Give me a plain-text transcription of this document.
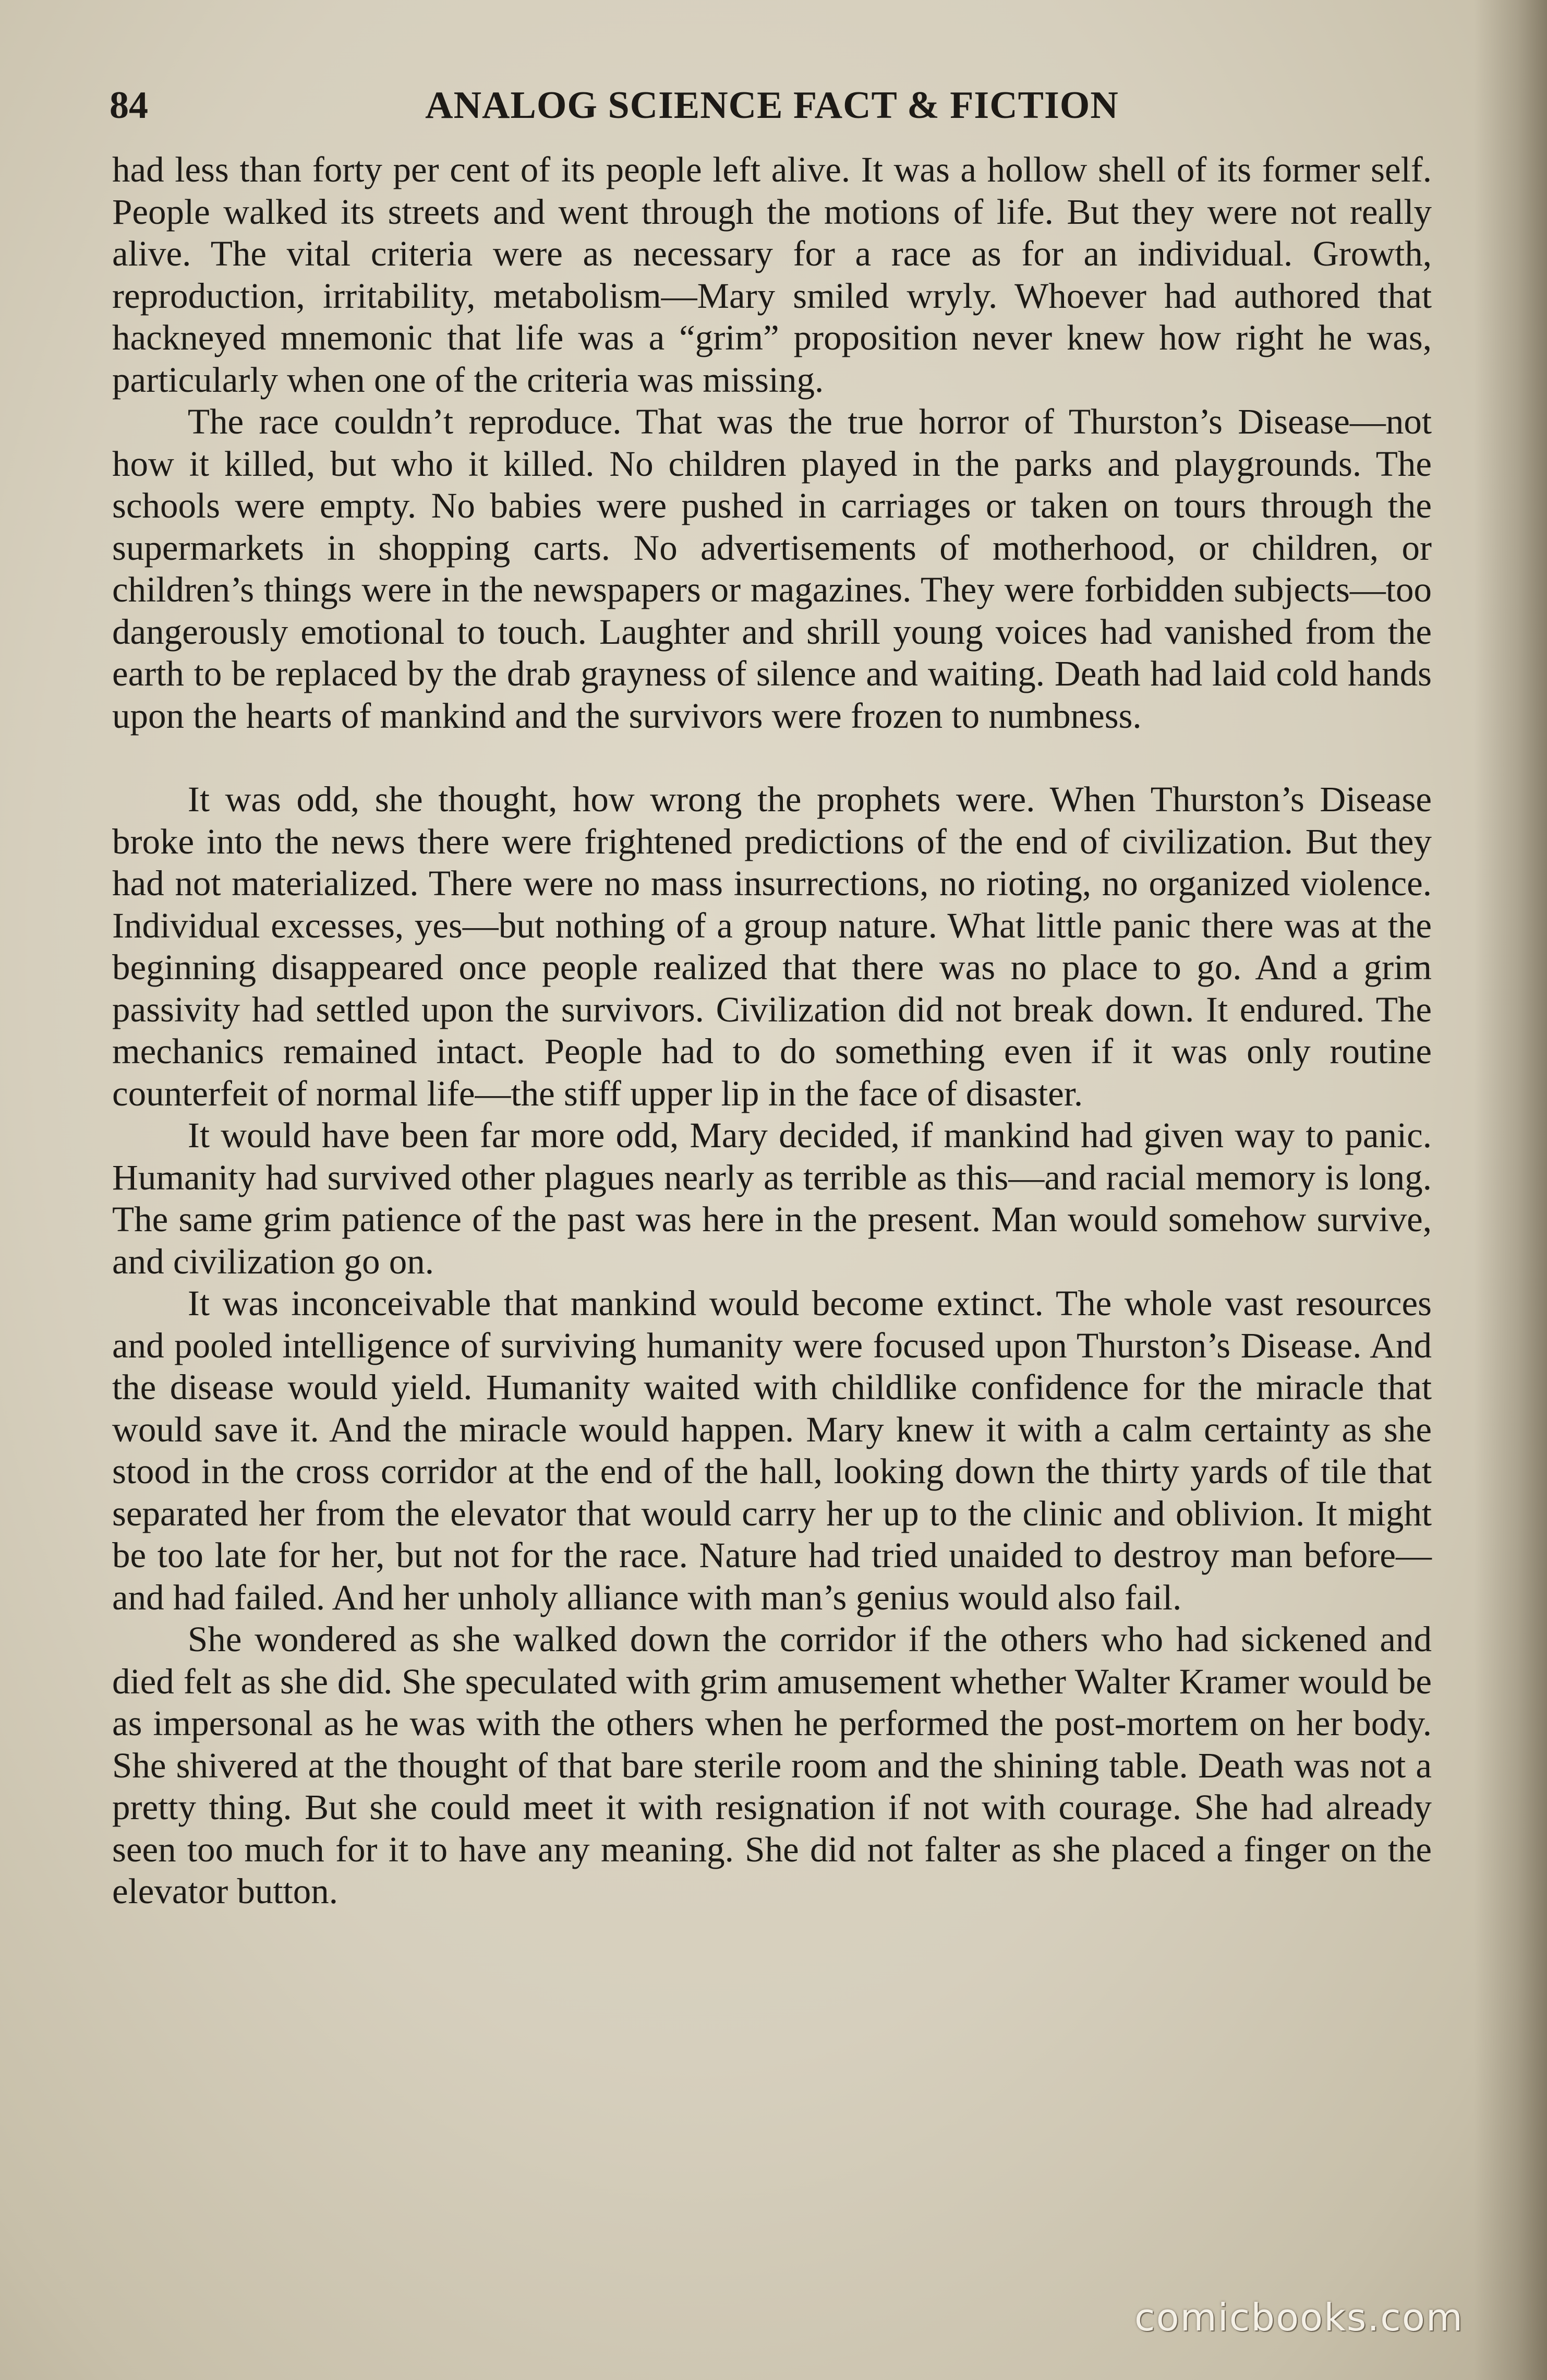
84	ANALOG SCIENCE FACT & FICTION

had less than forty per cent of its people left alive. It was a hollow shell of its former self. People walked its streets and went through the motions of life. But they were not really alive. The vital criteria were as necessary for a race as for an individual. Growth, reproduction, irritability, metabolism—Mary smiled wryly. Whoever had authored that hackneyed mnemonic that life was a “grim” proposition never knew how right he was, particularly when one of the criteria was missing.

The race couldn’t reproduce. That was the true horror of Thurston’s Disease—not how it killed, but who it killed. No children played in the parks and playgrounds. The schools were empty. No babies were pushed in carriages or taken on tours through the supermarkets in shopping carts. No advertisements of motherhood, or children, or children’s things were in the newspapers or magazines. They were forbidden subjects—too dangerously emotional to touch. Laughter and shrill young voices had vanished from the earth to be replaced by the drab grayness of silence and waiting. Death had laid cold hands upon the hearts of mankind and the survivors were frozen to numbness.

It was odd, she thought, how wrong the prophets were. When Thurston’s Disease broke into the news there were frightened predictions of the end of civilization. But they had not materialized. There were no mass insurrections, no rioting, no organized violence. Individual excesses, yes—but nothing of a group nature. What little panic there was at the beginning disappeared once people realized that there was no place to go. And a grim passivity had settled upon the survivors. Civilization did not break down. It endured. The mechanics remained intact. People had to do something even if it was only routine counterfeit of normal life—the stiff upper lip in the face of disaster.

It would have been far more odd, Mary decided, if mankind had given way to panic. Humanity had survived other plagues nearly as terrible as this—and racial memory is long. The same grim patience of the past was here in the present. Man would somehow survive, and civilization go on.

It was inconceivable that mankind would become extinct. The whole vast resources and pooled intelligence of surviving humanity were focused upon Thurston’s Disease. And the disease would yield. Humanity waited with childlike confidence for the miracle that would save it. And the miracle would happen. Mary knew it with a calm certainty as she stood in the cross corridor at the end of the hall, looking down the thirty yards of tile that separated her from the elevator that would carry her up to the clinic and oblivion. It might be too late for her, but not for the race. Nature had tried unaided to destroy man before—and had failed. And her unholy alliance with man’s genius would also fail.

She wondered as she walked down the corridor if the others who had sickened and died felt as she did. She speculated with grim amusement whether Walter Kramer would be as impersonal as he was with the others when he performed the post-mortem on her body. She shivered at the thought of that bare sterile room and the shining table. Death was not a pretty thing. But she could meet it with resignation if not with courage. She had already seen too much for it to have any meaning. She did not falter as she placed a finger on the elevator button.

comicbooks.com
